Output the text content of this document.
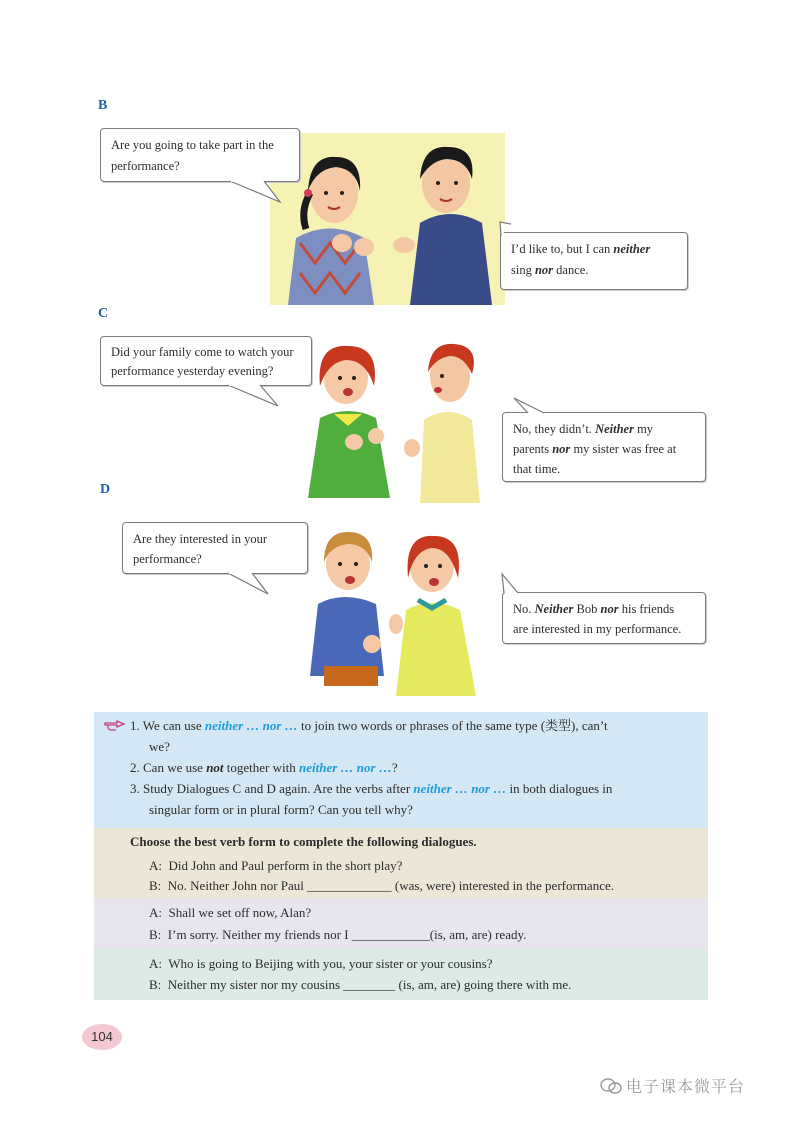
B
Are you going to take part in the
performance?
I’d like to, but I can neither
sing nor dance.
C
Did your family come to watch your
performance yesterday evening?
No, they didn’t. Neither my
parents nor my sister was free at
that time.
D
Are they interested in your
performance?
No. Neither Bob nor his friends
are interested in my performance.
1. We can use neither … nor … to join two words or phrases of the same type (类型), can’t
we?
2. Can we use not together with neither … nor …?
3. Study Dialogues C and D again. Are the verbs after neither … nor … in both dialogues in
singular form or in plural form? Can you tell why?
Choose the best verb form to complete the following dialogues.
A:  Did John and Paul perform in the short play?
B:  No. Neither John nor Paul _____________ (was, were) interested in the performance.
A:  Shall we set off now, Alan?
B:  I’m sorry. Neither my friends nor I ____________(is, am, are) ready.
A:  Who is going to Beijing with you, your sister or your cousins?
B:  Neither my sister nor my cousins ________ (is, am, are) going there with me.
104
电子课本微平台
